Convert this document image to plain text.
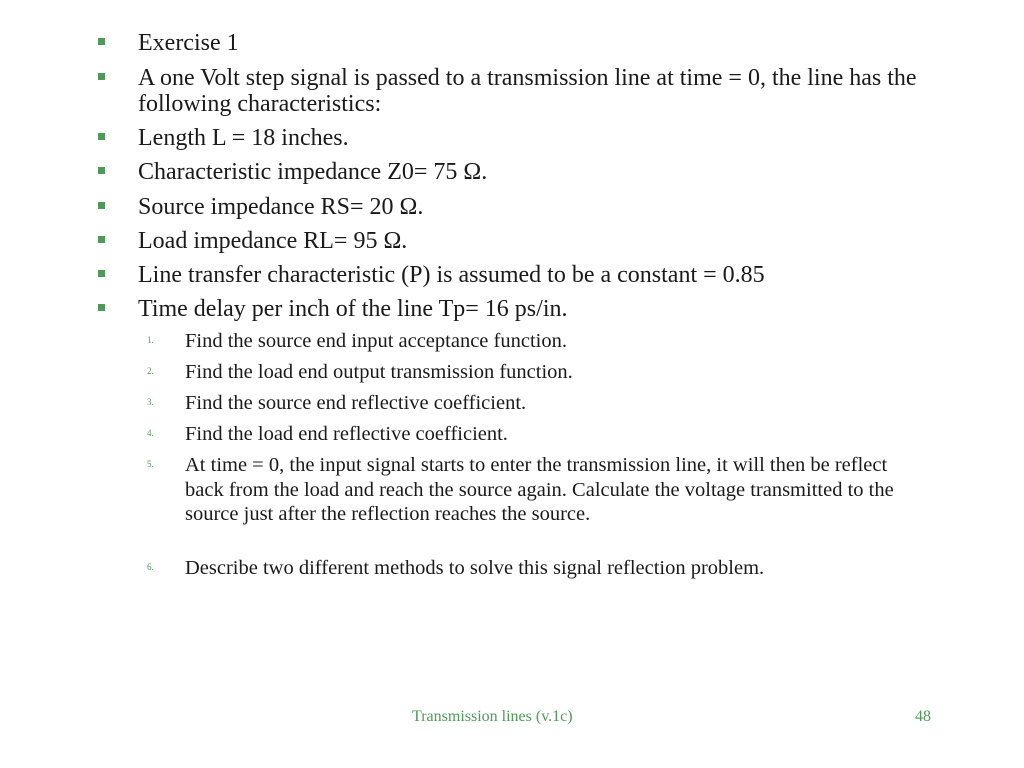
Exercise 1
A one Volt step signal is passed to a transmission line at time = 0, the line has the following characteristics:
Length L = 18 inches.
Characteristic impedance Z0= 75 Ω.
Source impedance RS= 20 Ω.
Load impedance RL= 95 Ω.
Line transfer characteristic (P) is assumed to be a constant = 0.85
Time delay per inch of the line Tp= 16 ps/in.
1. Find the source end input acceptance function.
2. Find the load end output transmission function.
3. Find the source end reflective coefficient.
4. Find the load end reflective coefficient.
5. At time = 0, the input signal starts to enter the transmission line, it will then be reflect back from the load and reach the source again. Calculate the voltage transmitted to the source just after the reflection reaches the source.
6. Describe two different methods to solve this signal reflection problem.
Transmission lines (v.1c)	48
